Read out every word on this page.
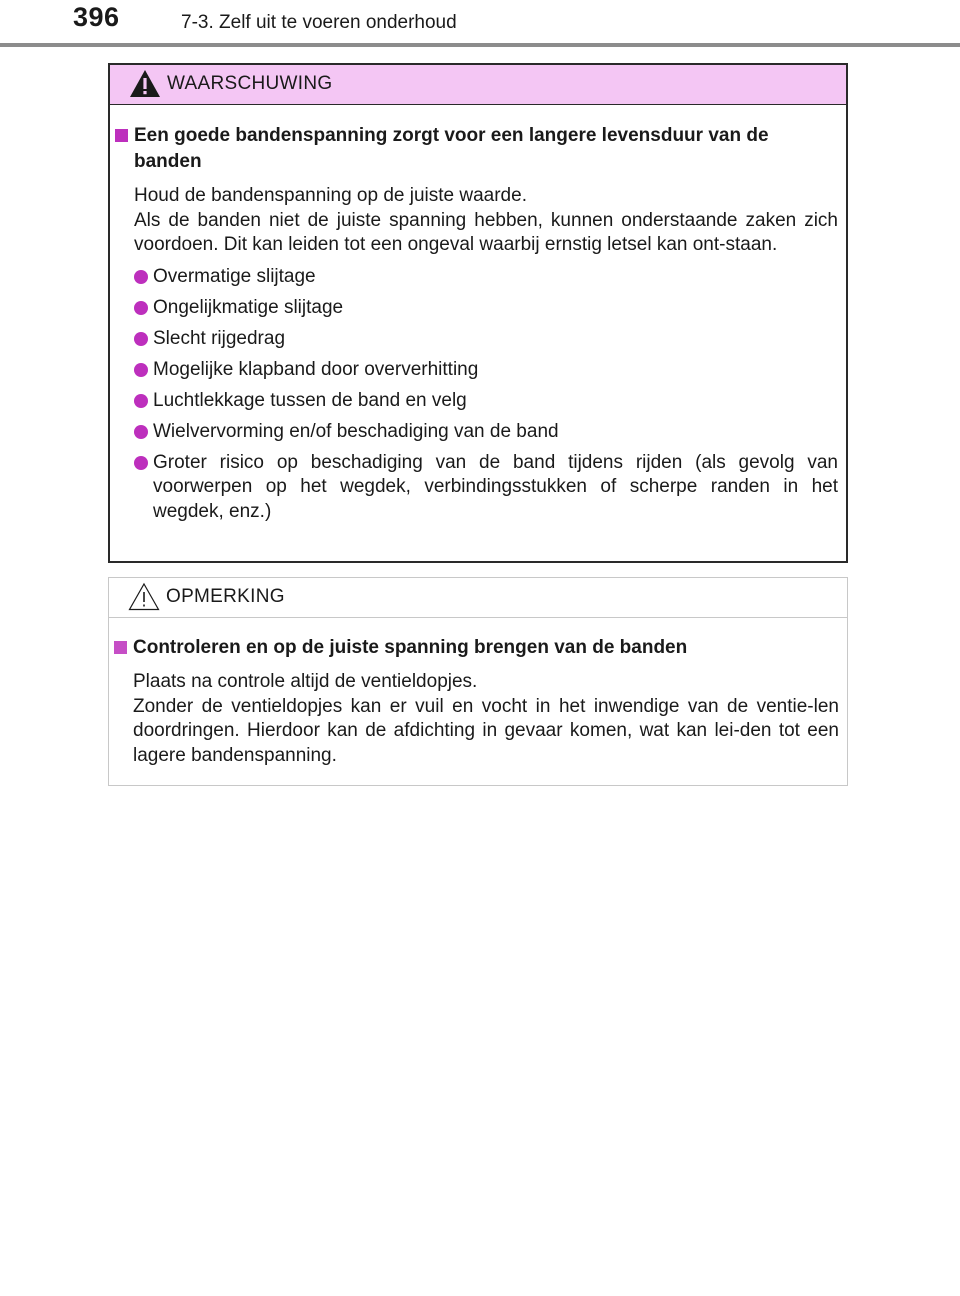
396	7-3. Zelf uit te voeren onderhoud
WAARSCHUWING
Een goede bandenspanning zorgt voor een langere levensduur van de banden
Houd de bandenspanning op de juiste waarde.
Als de banden niet de juiste spanning hebben, kunnen onderstaande zaken zich voordoen. Dit kan leiden tot een ongeval waarbij ernstig letsel kan ont-staan.
Overmatige slijtage
Ongelijkmatige slijtage
Slecht rijgedrag
Mogelijke klapband door oververhitting
Luchtlekkage tussen de band en velg
Wielvervorming en/of beschadiging van de band
Groter risico op beschadiging van de band tijdens rijden (als gevolg van voorwerpen op het wegdek, verbindingsstukken of scherpe randen in het wegdek, enz.)
OPMERKING
Controleren en op de juiste spanning brengen van de banden
Plaats na controle altijd de ventieldopjes.
Zonder de ventieldopjes kan er vuil en vocht in het inwendige van de ventie-len doordringen. Hierdoor kan de afdichting in gevaar komen, wat kan lei-den tot een lagere bandenspanning.
